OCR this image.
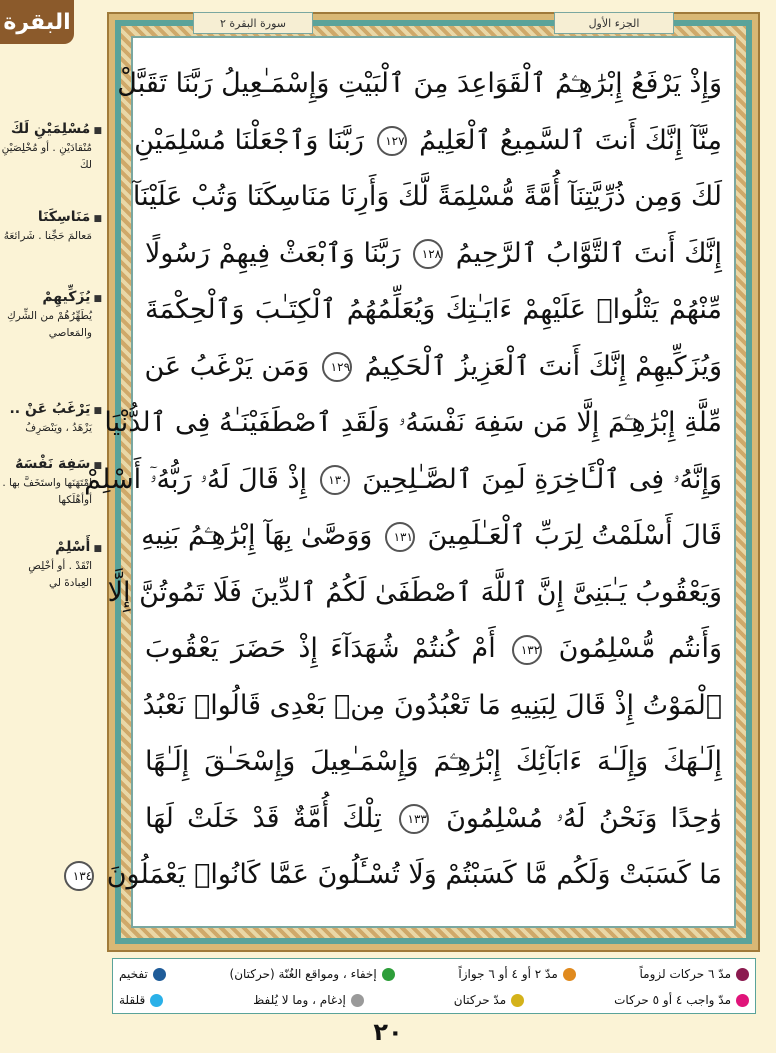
البقرة
■ مُسْلِمَيْنِ لَكَ
مُنْقادَيْنِ . أو مُخْلِصَيْنِ لكَ
■ مَنَاسِكَنَا
مَعالمَ حَجِّنا . شَرائعَهُ
■ يُزَكِّيهِمْ
يُطَهِّرُهُمْ من الشِّركِ والمَعاصي
■ يَرْغَبُ عَنْ ..
يَزْهَدُ ، ويَنْصَرِفُ
■ سَفِهَ نَفْسَهُ
امْتَهَنَها واستَخَفَّ بها . أوأهْلَكها
■ أَسْلِمْ
انْقَدْ . أو أخْلِصِ العِبادةَ لي
الجزء الأول
سورة البقرة ٢
وَإِذْ يَرْفَعُ إِبْرَٰهِـۧمُ ٱلْقَوَاعِدَ مِنَ ٱلْبَيْتِ وَإِسْمَـٰعِيلُ رَبَّنَا تَقَبَّلْ
مِنَّآ إِنَّكَ أَنتَ ٱلسَّمِيعُ ٱلْعَلِيمُ ١٢٧ رَبَّنَا وَٱجْعَلْنَا مُسْلِمَيْنِ
لَكَ وَمِن ذُرِّيَّتِنَآ أُمَّةً مُّسْلِمَةً لَّكَ وَأَرِنَا مَنَاسِكَنَا وَتُبْ عَلَيْنَآ
إِنَّكَ أَنتَ ٱلتَّوَّابُ ٱلرَّحِيمُ ١٢٨ رَبَّنَا وَٱبْعَثْ فِيهِمْ رَسُولًا
مِّنْهُمْ يَتْلُوا۟ عَلَيْهِمْ ءَايَـٰتِكَ وَيُعَلِّمُهُمُ ٱلْكِتَـٰبَ وَٱلْحِكْمَةَ
وَيُزَكِّيهِمْ إِنَّكَ أَنتَ ٱلْعَزِيزُ ٱلْحَكِيمُ ١٢٩ وَمَن يَرْغَبُ عَن
مِّلَّةِ إِبْرَٰهِـۧمَ إِلَّا مَن سَفِهَ نَفْسَهُۥ وَلَقَدِ ٱصْطَفَيْنَـٰهُ فِى ٱلدُّنْيَا
وَإِنَّهُۥ فِى ٱلْـَٔاخِرَةِ لَمِنَ ٱلصَّـٰلِحِينَ ١٣٠ إِذْ قَالَ لَهُۥ رَبُّهُۥٓ أَسْلِمْ
قَالَ أَسْلَمْتُ لِرَبِّ ٱلْعَـٰلَمِينَ ١٣١ وَوَصَّىٰ بِهَآ إِبْرَٰهِـۧمُ بَنِيهِ
وَيَعْقُوبُ يَـٰبَنِىَّ إِنَّ ٱللَّهَ ٱصْطَفَىٰ لَكُمُ ٱلدِّينَ فَلَا تَمُوتُنَّ إِلَّا
وَأَنتُم مُّسْلِمُونَ ١٣٢ أَمْ كُنتُمْ شُهَدَآءَ إِذْ حَضَرَ يَعْقُوبَ
ٱلْمَوْتُ إِذْ قَالَ لِبَنِيهِ مَا تَعْبُدُونَ مِنۢ بَعْدِى قَالُوا۟ نَعْبُدُ
إِلَـٰهَكَ وَإِلَـٰهَ ءَابَآئِكَ إِبْرَٰهِـۧمَ وَإِسْمَـٰعِيلَ وَإِسْحَـٰقَ إِلَـٰهًا
وَٰحِدًا وَنَحْنُ لَهُۥ مُسْلِمُونَ ١٣٣ تِلْكَ أُمَّةٌ قَدْ خَلَتْ لَهَا
مَا كَسَبَتْ وَلَكُم مَّا كَسَبْتُمْ وَلَا تُسْـَٔلُونَ عَمَّا كَانُوا۟ يَعْمَلُونَ ١٣٤
مدّ ٦ حركات لزوماً
مدّ ٢ أو ٤ أو ٦ جوازاً
إخفاء ، ومواقع الغُنّة (حركتان)
تفخيم
مدّ واجب ٤ أو ٥ حركات
مدّ حركتان
إدغام ، وما لا يُلفظ
قلقلة
٢٠
